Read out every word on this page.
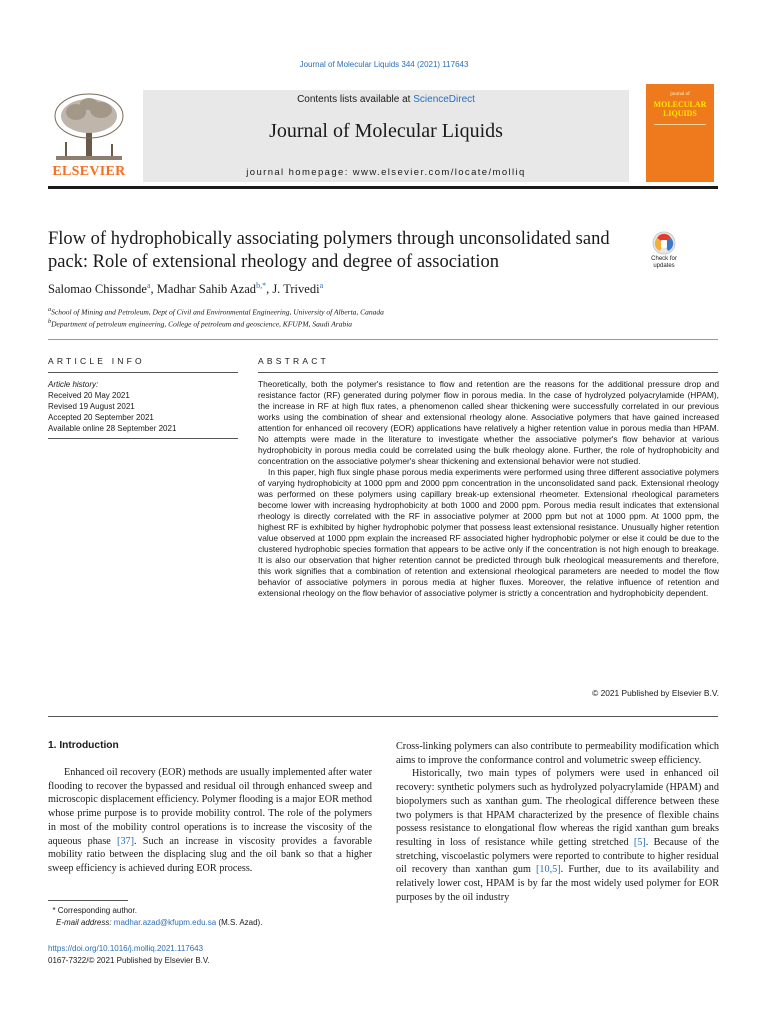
Journal of Molecular Liquids 344 (2021) 117643
Contents lists available at ScienceDirect
Journal of Molecular Liquids
journal homepage: www.elsevier.com/locate/molliq
ELSEVIER
journal of
MOLECULAR LIQUIDS
Flow of hydrophobically associating polymers through unconsolidated sand pack: Role of extensional rheology and degree of association	Check for updates
Salomao Chissonde$^a$, Madhar Sahib Azad$^{b,*}$, J. Trivedi$^a$
$^a$School of Mining and Petroleum, Dept of Civil and Environmental Engineering, University of Alberta, Canada
$^b$Department of petroleum engineering, College of petroleum and geoscience, KFUPM, Saudi Arabia
ARTICLE INFO	ABSTRACT
Article history:
Received 20 May 2021
Revised 19 August 2021
Accepted 20 September 2021
Available online 28 September 2021

Theoretically, both the polymer's resistance to flow and retention are the reasons for the additional pressure drop and resistance factor (RF) generated during polymer flow in porous media. In the case of hydrolyzed polyacrylamide (HPAM), the increase in RF at high flux rates, a phenomenon called shear thickening were successfully correlated in our previous works using the combination of shear and extensional rheology alone. Associative polymers that have gained increased attention for enhanced oil recovery (EOR) applications have relatively a higher retention value in porous media than HPAM. No attempts were made in the literature to investigate whether the associative polymer's flow behavior at various hydrophobicity in porous media could be correlated using the bulk rheology alone. Further, the role of hydrophobicity and concentration on the associative polymer's shear thickening and extensional behavior were not studied.

In this paper, high flux single phase porous media experiments were performed using three different associative polymers of varying hydrophobicity at 1000 ppm and 2000 ppm concentration in the unconsolidated sand pack. Extensional rheology was performed on these polymers using capillary break-up extensional rheometer. Extensional rheological parameters become lower with increasing hydrophobicity at both 1000 and 2000 ppm. Porous media result indicates that extensional rheology is directly correlated with the RF in associative polymer at 2000 ppm but not at 1000 ppm. At 1000 ppm, the highest RF is exhibited by higher hydrophobic polymer that possess least extensional resistance. Unusually higher retention value observed at 1000 ppm explain the increased RF associated higher hydrophobic polymer or else it could be due to the clustered hydrophobic species formation that appears to be active only if the concentration is not high enough to breakage. It is also our observation that higher retention cannot be predicted through bulk rheological measurements and therefore, this work signifies that a combination of retention and extensional rheological parameters are needed to model the flow behavior of associative polymers in porous media at higher fluxes. Moreover, the relative influence of retention and extensional rheology on the flow behavior of associative polymer is strictly a concentration and hydrophobicity dependent.

© 2021 Published by Elsevier B.V.
1. Introduction

Enhanced oil recovery (EOR) methods are usually implemented after water flooding to recover the bypassed and residual oil through enhanced sweep and microscopic displacement efficiency. Polymer flooding is a major EOR method whose prime purpose is to provide mobility control. The role of the polymers in most of the mobility control operations is to increase the viscosity of the aqueous phase [37]. Such an increase in viscosity provides a favorable mobility ratio between the displacing slug and the oil bank so that a higher sweep efficiency is achieved during EOR process.

Cross-linking polymers can also contribute to permeability modification which aims to improve the conformance control and volumetric sweep efficiency.

Historically, two main types of polymers were used in enhanced oil recovery: synthetic polymers such as hydrolyzed polyacrylamide (HPAM) and biopolymers such as xanthan gum. The rheological difference between these two polymers is that HPAM characterized by the presence of flexible chains possess resistance to elongational flow whereas the rigid xanthan gum breaks resulting in loss of resistance while getting stretched [5]. Because of the stretching, viscoelastic polymers were reported to contribute to higher residual oil recovery than xanthan gum [10,5]. Further, due to its availability and relatively lower cost, HPAM is by far the most widely used polymer for EOR purposes by the oil industry

* Corresponding author.
E-mail address: madhar.azad@kfupm.edu.sa (M.S. Azad).
https://doi.org/10.1016/j.molliq.2021.117643
0167-7322/© 2021 Published by Elsevier B.V.
